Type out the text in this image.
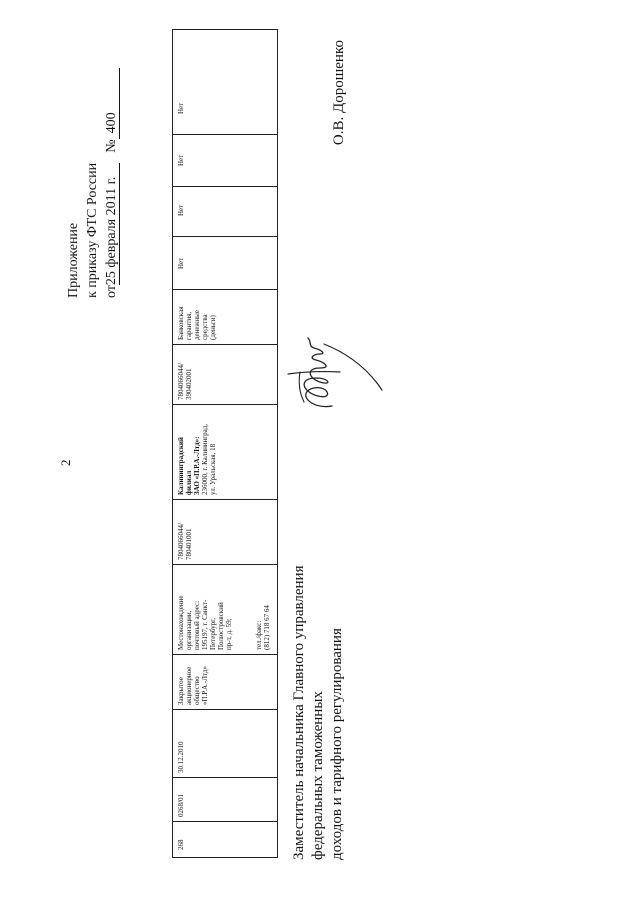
2
Приложение к приказу ФТС России от25 февраля 2011 г.№400
268	0268/01	30.12.2010	Закрытое
акционерное
общество
«П.Р.А.-Лтд»	
Местонахождение
организации,
почтовый адрес:
195197, г. Санкт-
Петербург,
Полюстровский
пр-т, д. 59;	тел./факс:
(812) 718 67 64
	7804066044/
780401001	
Калининградский
филиал
ЗАО «П.Р.А.-Лтд»:
236000, г. Калининград,
ул. Уральская, 18
	7804066044/
390402001	Банковская
гарантия,
денежные
средства
(деньги)	Нет	Нет	Нет	Нет
Заместитель начальника Главного управления
федеральных таможенных
доходов и тарифного регулирования
О.В. Дорошенко
